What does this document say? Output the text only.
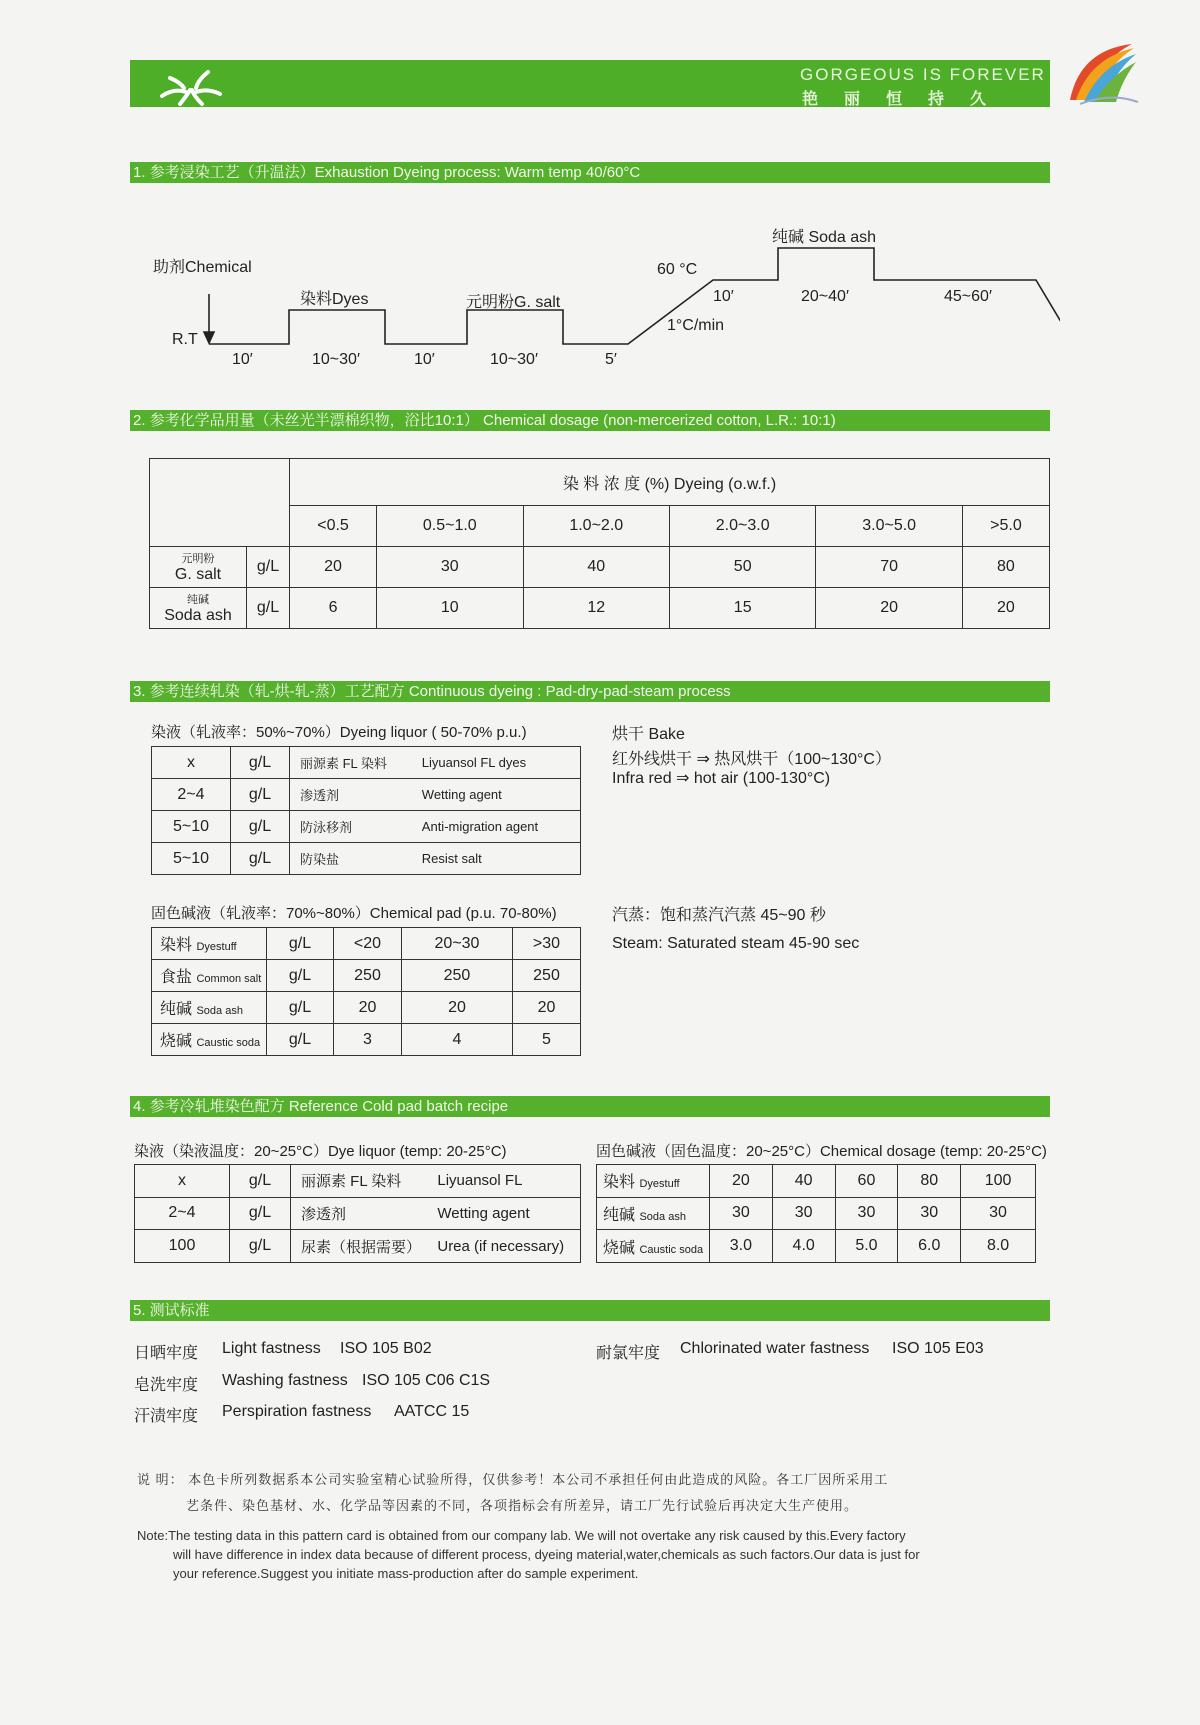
GORGEOUS IS FOREVER
艳丽恒持久
1. 参考浸染工艺（升温法）Exhaustion Dyeing process: Warm temp 40/60°C
助剂Chemical
R.T
染料Dyes	元明粉G. salt
纯碱 Soda ash
60 °C
1°C/min
10′	10~30′	10′	10~30′	5′
10′	20~40′	45~60′
2. 参考化学品用量（未丝光半漂棉织物，浴比10:1） Chemical dosage (non-mercerized cotton, L.R.: 10:1)
		染 料 浓 度 (%) Dyeing (o.w.f.)					
		<0.5	0.5~1.0	1.0~2.0	2.0~3.0	3.0~5.0	>5.0

元明粉
G. salt	g/L	20	30	40	50	70	80

纯碱
Soda ash	g/L	6	10	12	15	20	20
3. 参考连续轧染（轧-烘-轧-蒸）工艺配方 Continuous dyeing : Pad-dry-pad-steam process
染液（轧液率：50%~70%）Dyeing liquor ( 50-70% p.u.)
x	g/L	丽源素 FL 染料	Liyuansol FL dyes
2~4	g/L	渗透剂	Wetting agent
5~10	g/L	防泳移剂	Anti-migration agent
5~10	g/L	防染盐	Resist salt
烘干 Bake
红外线烘干 ⇒ 热风烘干（100~130°C）
Infra red ⇒ hot air (100-130°C)
固色碱液（轧液率：70%~80%）Chemical pad (p.u. 70-80%)
染料 Dyestuff	g/L	<20	20~30	>30
食盐 Common salt	g/L	250	250	250
纯碱 Soda ash	g/L	20	20	20
烧碱 Caustic soda	g/L	3	4	5
汽蒸：饱和蒸汽汽蒸 45~90 秒
Steam: Saturated steam 45-90 sec
4. 参考冷轧堆染色配方 Reference Cold pad batch recipe
染液（染液温度：20~25°C）Dye liquor (temp: 20-25°C)
x	g/L	丽源素 FL 染料	Liyuansol FL
2~4	g/L	渗透剂	Wetting agent
100	g/L	尿素（根据需要）	Urea (if necessary)
固色碱液（固色温度：20~25°C）Chemical dosage (temp: 20-25°C)
染料 Dyestuff	20	40	60	80	100
纯碱 Soda ash	30	30	30	30	30
烧碱 Caustic soda	3.0	4.0	5.0	6.0	8.0
5. 测试标准
日晒牢度 Light fastness ISO 105 B02
皂洗牢度 Washing fastness ISO 105 C06 C1S
汗渍牢度 Perspiration fastness AATCC 15
耐氯牢度 Chlorinated water fastness ISO 105 E03
说 明： 本色卡所列数据系本公司实验室精心试验所得，仅供参考！本公司不承担任何由此造成的风险。各工厂因所采用工
艺条件、染色基材、水、化学品等因素的不同，各项指标会有所差异，请工厂先行试验后再决定大生产使用。
Note:The testing data in this pattern card is obtained from our company lab. We will not overtake any risk caused by this.Every factory
will have difference in index data because of different process, dyeing material,water,chemicals as such factors.Our data is just for
your reference.Suggest you initiate mass-production after do sample experiment.
